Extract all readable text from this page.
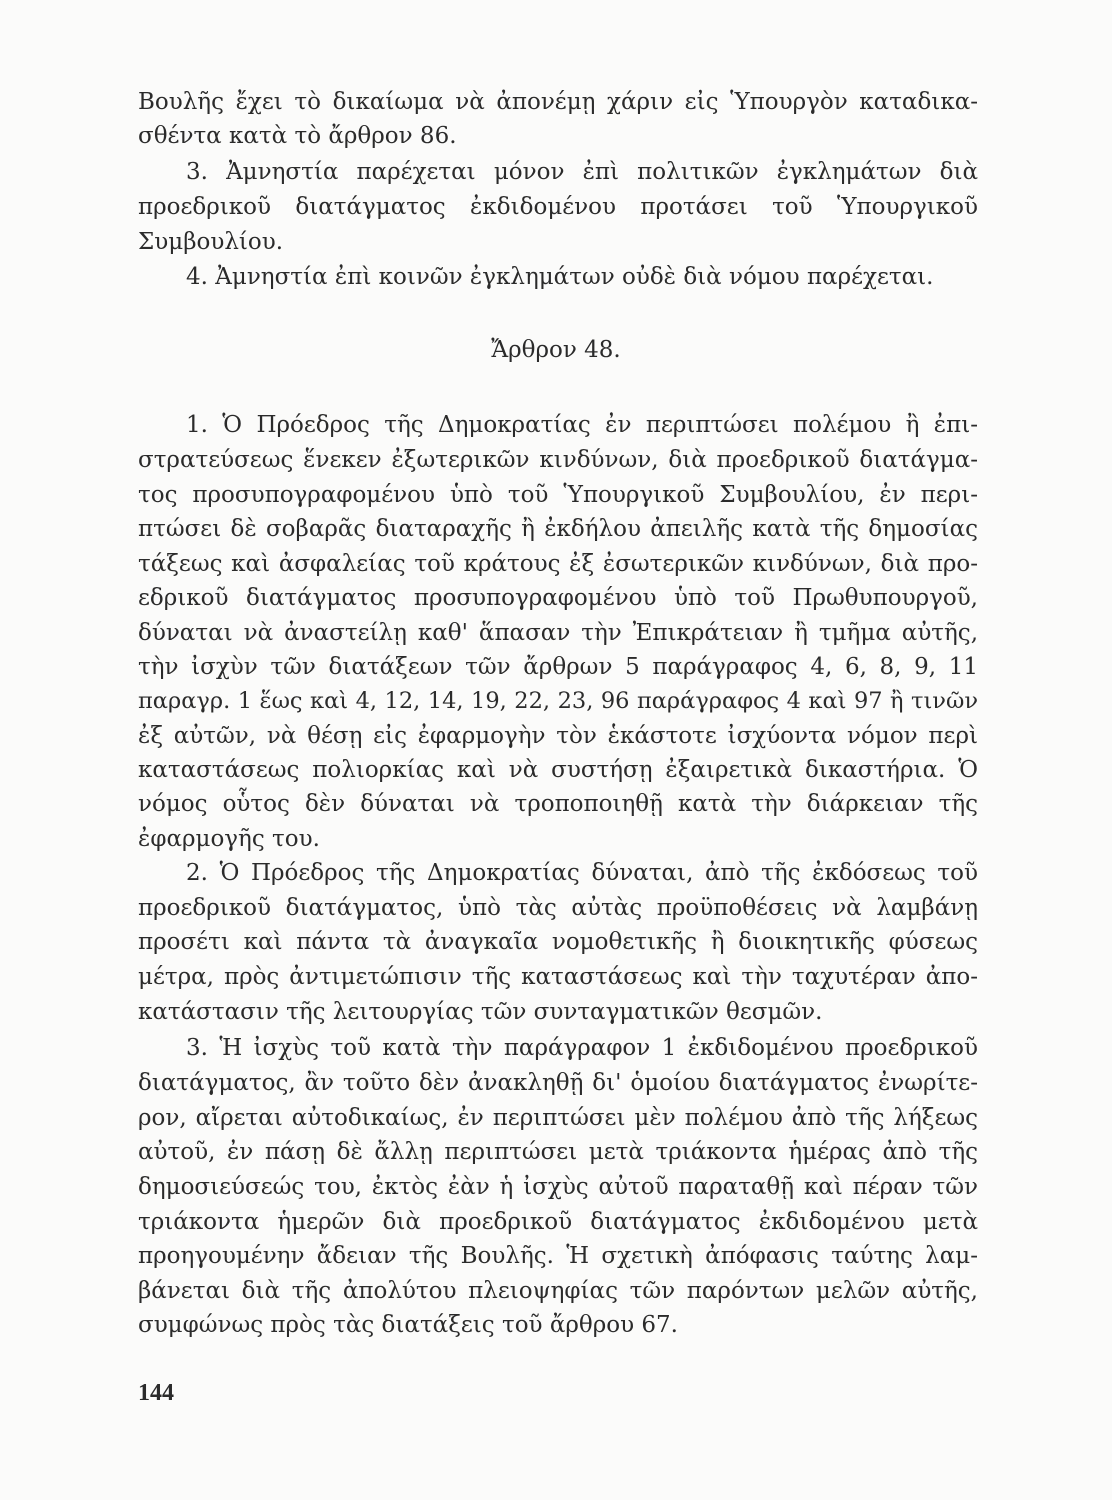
Βουλῆς ἔχει τὸ δικαίωμα νὰ ἀπονέμῃ χάριν εἰς Ὑπουργὸν καταδικα-
σθέντα κατὰ τὸ ἄρθρον 86.
3. Ἀμνηστία παρέχεται μόνον ἐπὶ πολιτικῶν ἐγκλημάτων διὰ
προεδρικοῦ διατάγματος ἐκδιδομένου προτάσει τοῦ Ὑπουργικοῦ
Συμβουλίου.
4. Ἀμνηστία ἐπὶ κοινῶν ἐγκλημάτων οὐδὲ διὰ νόμου παρέχεται.
Ἄρθρον 48.
1. Ὁ Πρόεδρος τῆς Δημοκρατίας ἐν περιπτώσει πολέμου ἢ ἐπι-
στρατεύσεως ἕνεκεν ἐξωτερικῶν κινδύνων, διὰ προεδρικοῦ διατάγμα-
τος προσυπογραφομένου ὑπὸ τοῦ Ὑπουργικοῦ Συμβουλίου, ἐν περι-
πτώσει δὲ σοβαρᾶς διαταραχῆς ἢ ἐκδήλου ἀπειλῆς κατὰ τῆς δημοσίας
τάξεως καὶ ἀσφαλείας τοῦ κράτους ἐξ ἐσωτερικῶν κινδύνων, διὰ προ-
εδρικοῦ διατάγματος προσυπογραφομένου ὑπὸ τοῦ Πρωθυπουργοῦ,
δύναται νὰ ἀναστείλῃ καθ' ἅπασαν τὴν Ἐπικράτειαν ἢ τμῆμα αὐτῆς,
τὴν ἰσχὺν τῶν διατάξεων τῶν ἄρθρων 5 παράγραφος 4, 6, 8, 9, 11
παραγρ. 1 ἕως καὶ 4, 12, 14, 19, 22, 23, 96 παράγραφος 4 καὶ 97 ἢ τινῶν
ἐξ αὐτῶν, νὰ θέσῃ εἰς ἐφαρμογὴν τὸν ἑκάστοτε ἰσχύοντα νόμον περὶ
καταστάσεως πολιορκίας καὶ νὰ συστήσῃ ἐξαιρετικὰ δικαστήρια. Ὁ
νόμος οὗτος δὲν δύναται νὰ τροποποιηθῇ κατὰ τὴν διάρκειαν τῆς
ἐφαρμογῆς του.
2. Ὁ Πρόεδρος τῆς Δημοκρατίας δύναται, ἀπὸ τῆς ἐκδόσεως τοῦ
προεδρικοῦ διατάγματος, ὑπὸ τὰς αὐτὰς προϋποθέσεις νὰ λαμβάνῃ
προσέτι καὶ πάντα τὰ ἀναγκαῖα νομοθετικῆς ἢ διοικητικῆς φύσεως
μέτρα, πρὸς ἀντιμετώπισιν τῆς καταστάσεως καὶ τὴν ταχυτέραν ἀπο-
κατάστασιν τῆς λειτουργίας τῶν συνταγματικῶν θεσμῶν.
3. Ἡ ἰσχὺς τοῦ κατὰ τὴν παράγραφον 1 ἐκδιδομένου προεδρικοῦ
διατάγματος, ἂν τοῦτο δὲν ἀνακληθῇ δι' ὁμοίου διατάγματος ἐνωρίτε-
ρον, αἴρεται αὐτοδικαίως, ἐν περιπτώσει μὲν πολέμου ἀπὸ τῆς λήξεως
αὐτοῦ, ἐν πάσῃ δὲ ἄλλῃ περιπτώσει μετὰ τριάκοντα ἡμέρας ἀπὸ τῆς
δημοσιεύσεώς του, ἐκτὸς ἐὰν ἡ ἰσχὺς αὐτοῦ παραταθῇ καὶ πέραν τῶν
τριάκοντα ἡμερῶν διὰ προεδρικοῦ διατάγματος ἐκδιδομένου μετὰ
προηγουμένην ἄδειαν τῆς Βουλῆς. Ἡ σχετικὴ ἀπόφασις ταύτης λαμ-
βάνεται διὰ τῆς ἀπολύτου πλειοψηφίας τῶν παρόντων μελῶν αὐτῆς,
συμφώνως πρὸς τὰς διατάξεις τοῦ ἄρθρου 67.
144
